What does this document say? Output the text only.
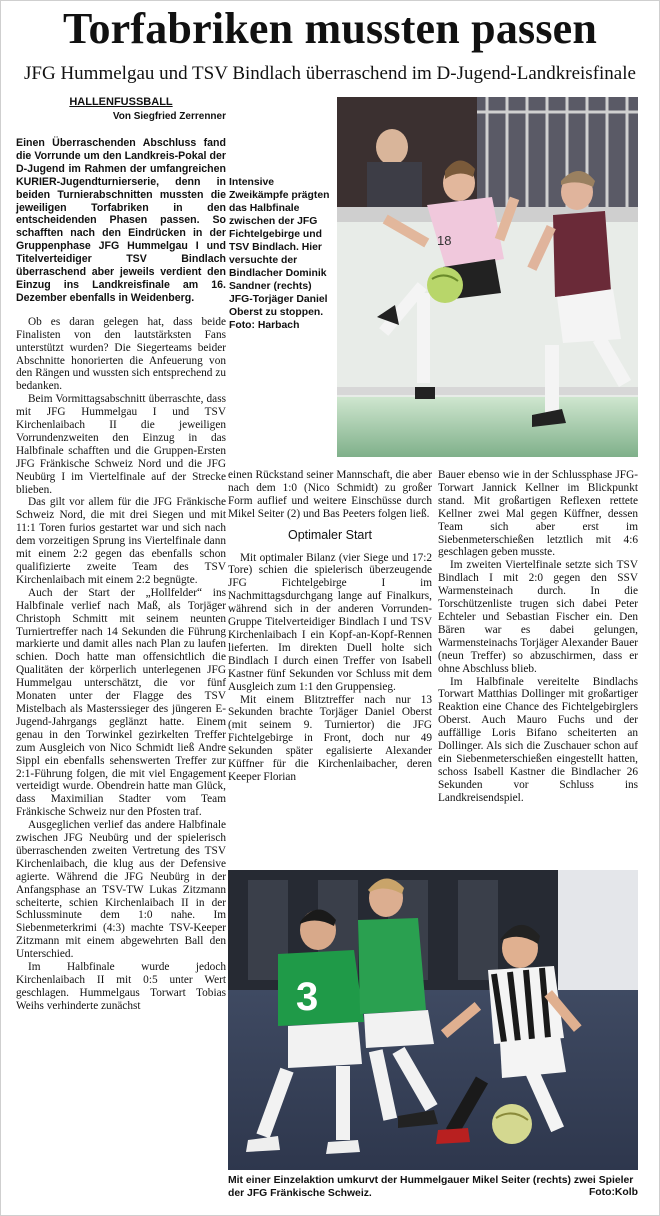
Torfabriken mussten passen
JFG Hummelgau und TSV Bindlach überraschend im D-Jugend-Landkreisfinale
HALLENFUSSBALL
Von Siegfried Zerrenner

Einen Überraschenden Abschluss fand die Vorrunde um den Landkreis-Pokal der D-Jugend im Rahmen der umfangreichen KURIER-Jugendturnierserie, denn in beiden Turnierabschnitten mussten die jeweiligen Torfabriken in den entscheidenden Phasen passen. So schafften nach den Eindrücken in der Gruppenphase JFG Hummelgau I und Titelverteidiger TSV Bindlach überraschend aber jeweils verdient den Einzug ins Landkreisfinale am 16. Dezember ebenfalls in Weidenberg.

Ob es daran gelegen hat, dass beide Finalisten von den lautstärksten Fans unterstützt wurden? Die Siegerteams beider Abschnitte honorierten die Anfeuerung von den Rängen und wussten sich entsprechend zu bedanken.

Beim Vormittagsabschnitt überraschte, dass mit JFG Hummelgau I und TSV Kirchenlaibach II die jeweiligen Vorrundenzweiten den Einzug in das Halbfinale schafften und die Gruppen-Ersten JFG Fränkische Schweiz Nord und die JFG Neubürg I im Viertelfinale auf der Strecke blieben.

Das gilt vor allem für die JFG Fränkische Schweiz Nord, die mit drei Siegen und mit 11:1 Toren furios gestartet war und sich nach dem vorzeitigen Sprung ins Viertelfinale dann mit einem 2:2 gegen das ebenfalls schon qualifizierte zweite Team des TSV Kirchenlaibach mit einem 2:2 begnügte.

Auch der Start der „Hollfelder“ ins Halbfinale verlief nach Maß, als Torjäger Christoph Schmitt mit seinem neunten Turniertreffer nach 14 Sekunden die Führung markierte und damit alles nach Plan zu laufen schien. Doch hatte man offensichtlich die Qualitäten der körperlich unterlegenen JFG Hummelgau unterschätzt, die vor fünf Monaten unter der Flagge des TSV Mistelbach als Masterssieger des jüngeren E-Jugend-Jahrgangs geglänzt hatte. Einem genau in den Torwinkel gezirkelten Treffer zum Ausgleich von Nico Schmidt ließ Andre Sippl ein ebenfalls sehenswerten Treffer zur 2:1-Führung folgen, die mit viel Engagement verteidigt wurde. Obendrein hatte man Glück, dass Maximilian Stadter vom Team Fränkische Schweiz nur den Pfosten traf.

Ausgeglichen verlief das andere Halbfinale zwischen JFG Neubürg und der spielerisch überraschenden zweiten Vertretung des TSV Kirchenlaibach, die klug aus der Defensive agierte. Während die JFG Neubürg in der Anfangsphase an TSV-TW Lukas Zitzmann scheiterte, schien Kirchenlaibach II in der Schlussminute dem 1:0 nahe. Im Siebenmeterkrimi (4:3) machte TSV-Keeper Zitzmann mit einem abgewehrten Ball den Unterschied.

Im Halbfinale wurde jedoch Kirchenlaibach II mit 0:5 unter Wert geschlagen. Hummelgaus Torwart Tobias Weihs verhinderte zunächst

Intensive Zweikämpfe prägten das Halbfinale zwischen der JFG Fichtelgebirge und TSV Bindlach. Hier versuchte der Bindlacher Dominik Sandner (rechts) JFG-Torjäger Daniel Oberst zu stoppen. Foto: Harbach
18

einen Rückstand seiner Mannschaft, die aber nach dem 1:0 (Nico Schmidt) zu großer Form auflief und weitere Einschüsse durch Mikel Seiter (2) und Bas Peeters folgen ließ.

Optimaler Start

Mit optimaler Bilanz (vier Siege und 17:2 Tore) schien die spielerisch überzeugende JFG Fichtelgebirge I im Nachmittagsdurchgang lange auf Finalkurs, während sich in der anderen Vorrunden-Gruppe Titelverteidiger Bindlach I und TSV Kirchenlaibach I ein Kopf-an-Kopf-Rennen lieferten. Im direkten Duell holte sich Bindlach I durch einen Treffer von Isabell Kastner fünf Sekunden vor Schluss mit dem Ausgleich zum 1:1 den Gruppensieg.

Mit einem Blitztreffer nach nur 13 Sekunden brachte Torjäger Daniel Oberst (mit seinem 9. Turniertor) die JFG Fichtelgebirge in Front, doch nur 49 Sekunden später egalisierte Alexander Küffner für die Kirchenlaibacher, deren Keeper Florian

Bauer ebenso wie in der Schlussphase JFG-Torwart Jannick Kellner im Blickpunkt stand. Mit großartigen Reflexen rettete Kellner zwei Mal gegen Küffner, dessen Team sich aber erst im Siebenmeterschießen letztlich mit 4:6 geschlagen geben musste.

Im zweiten Viertelfinale setzte sich TSV Bindlach I mit 2:0 gegen den SSV Warmensteinach durch. In die Torschützenliste trugen sich dabei Peter Echteler und Sebastian Fischer ein. Den Bären war es dabei gelungen, Warmensteinachs Torjäger Alexander Bauer (neun Treffer) so abzuschirmen, dass er ohne Abschluss blieb.

Im Halbfinale vereitelte Bindlachs Torwart Matthias Dollinger mit großartiger Reaktion eine Chance des Fichtelgebirglers Oberst. Auch Mauro Fuchs und der auffällige Loris Bifano scheiterten an Dollinger. Als sich die Zuschauer schon auf ein Siebenmeterschießen eingestellt hatten, schoss Isabell Kastner die Bindlacher 26 Sekunden vor Schluss ins Landkreisendspiel.

3
Mit einer Einzelaktion umkurvt der Hummelgauer Mikel Seiter (rechts) zwei Spieler der JFG Fränkische Schweiz.	Foto:Kolb
